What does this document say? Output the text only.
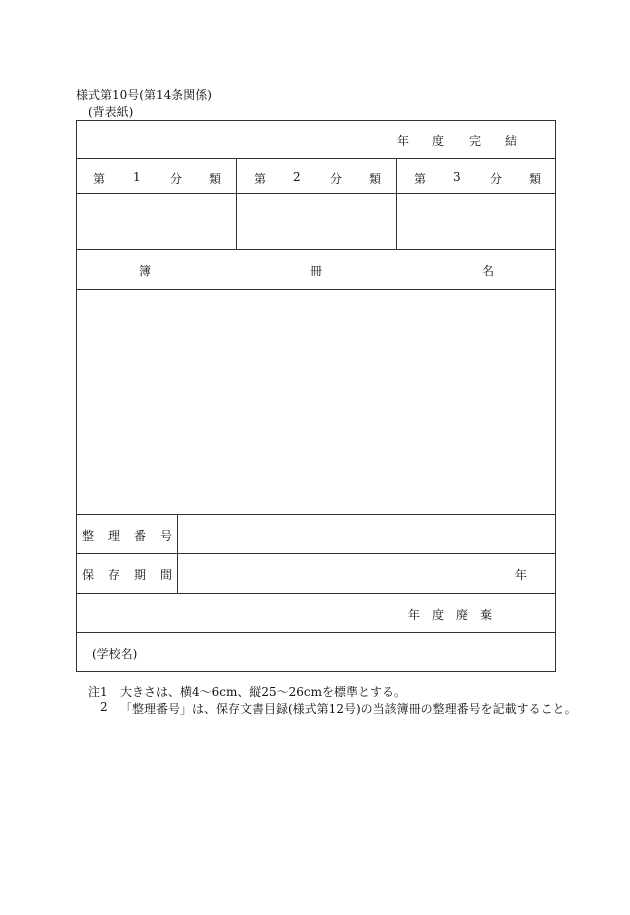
様式第10号(第14条関係)
(背表紙)
年 度 完 結
第 1 分 類	第 2 分 類	第 3 分 類
簿	冊	名
整 理 番 号
保 存 期 間	年
年 度 廃 棄
(学校名)
注1 大きさは、横4〜6cm、縦25〜26cmを標準とする。
2 「整理番号」は、保存文書目録(様式第12号)の当該簿冊の整理番号を記載すること。
